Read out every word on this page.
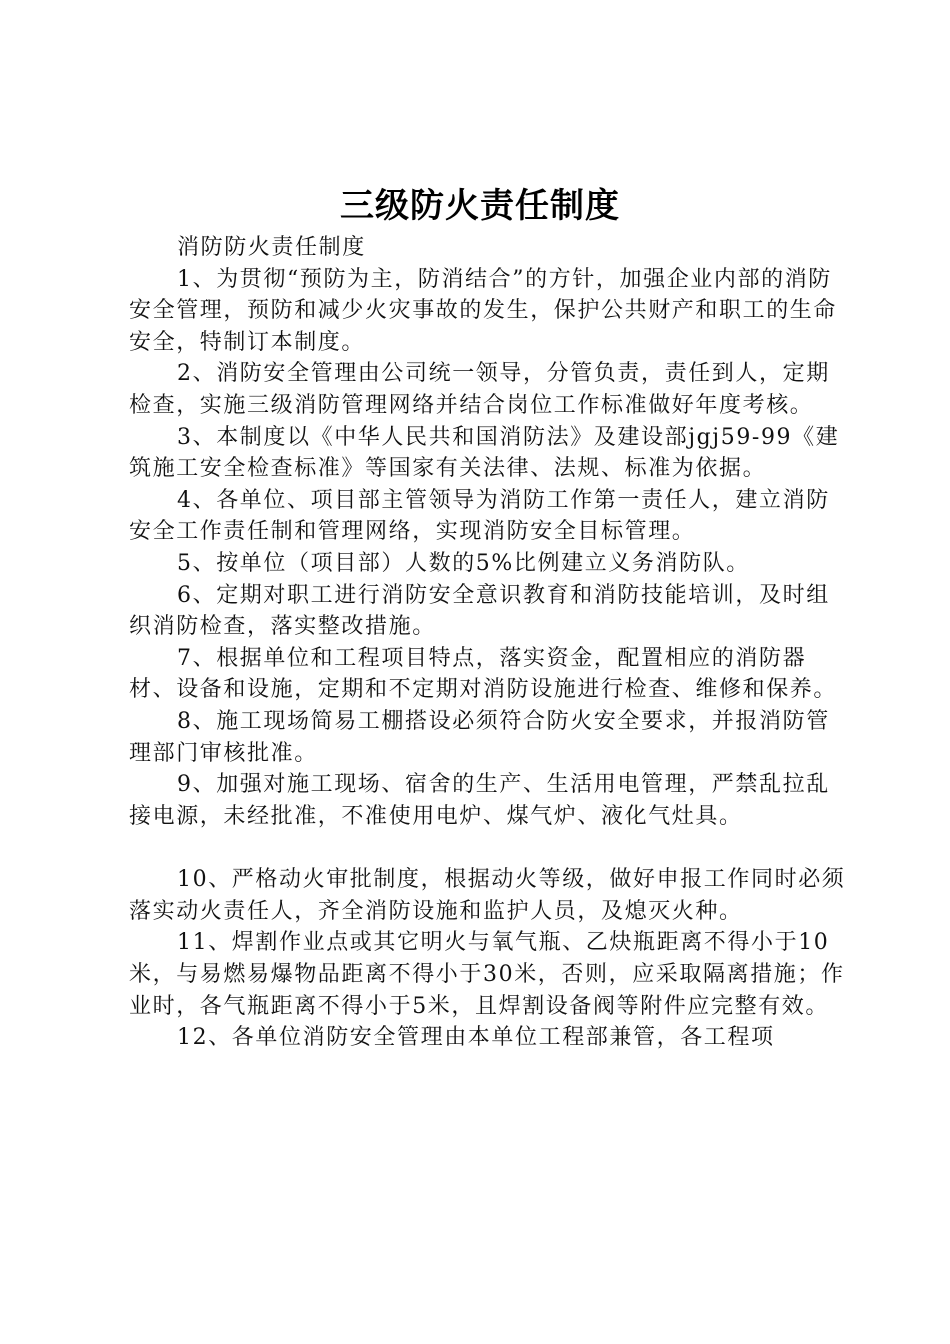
三级防火责任制度

消防防火责任制度

1、为贯彻“预防为主，防消结合”的方针，加强企业内部的消防安全管理，预防和减少火灾事故的发生，保护公共财产和职工的生命安全，特制订本制度。

2、消防安全管理由公司统一领导，分管负责，责任到人，定期检查，实施三级消防管理网络并结合岗位工作标准做好年度考核。

3、本制度以《中华人民共和国消防法》及建设部jgj59-99《建筑施工安全检查标准》等国家有关法律、法规、标准为依据。

4、各单位、项目部主管领导为消防工作第一责任人，建立消防安全工作责任制和管理网络，实现消防安全目标管理。

5、按单位（项目部）人数的5%比例建立义务消防队。

6、定期对职工进行消防安全意识教育和消防技能培训，及时组织消防检查，落实整改措施。

7、根据单位和工程项目特点，落实资金，配置相应的消防器材、设备和设施，定期和不定期对消防设施进行检查、维修和保养。

8、施工现场简易工棚搭设必须符合防火安全要求，并报消防管理部门审核批准。

9、加强对施工现场、宿舍的生产、生活用电管理，严禁乱拉乱接电源，未经批准，不准使用电炉、煤气炉、液化气灶具。

10、严格动火审批制度，根据动火等级，做好申报工作同时必须落实动火责任人，齐全消防设施和监护人员，及熄灭火种。

11、焊割作业点或其它明火与氧气瓶、乙炔瓶距离不得小于10米，与易燃易爆物品距离不得小于30米，否则，应采取隔离措施；作业时，各气瓶距离不得小于5米，且焊割设备阀等附件应完整有效。

12、各单位消防安全管理由本单位工程部兼管，各工程项
